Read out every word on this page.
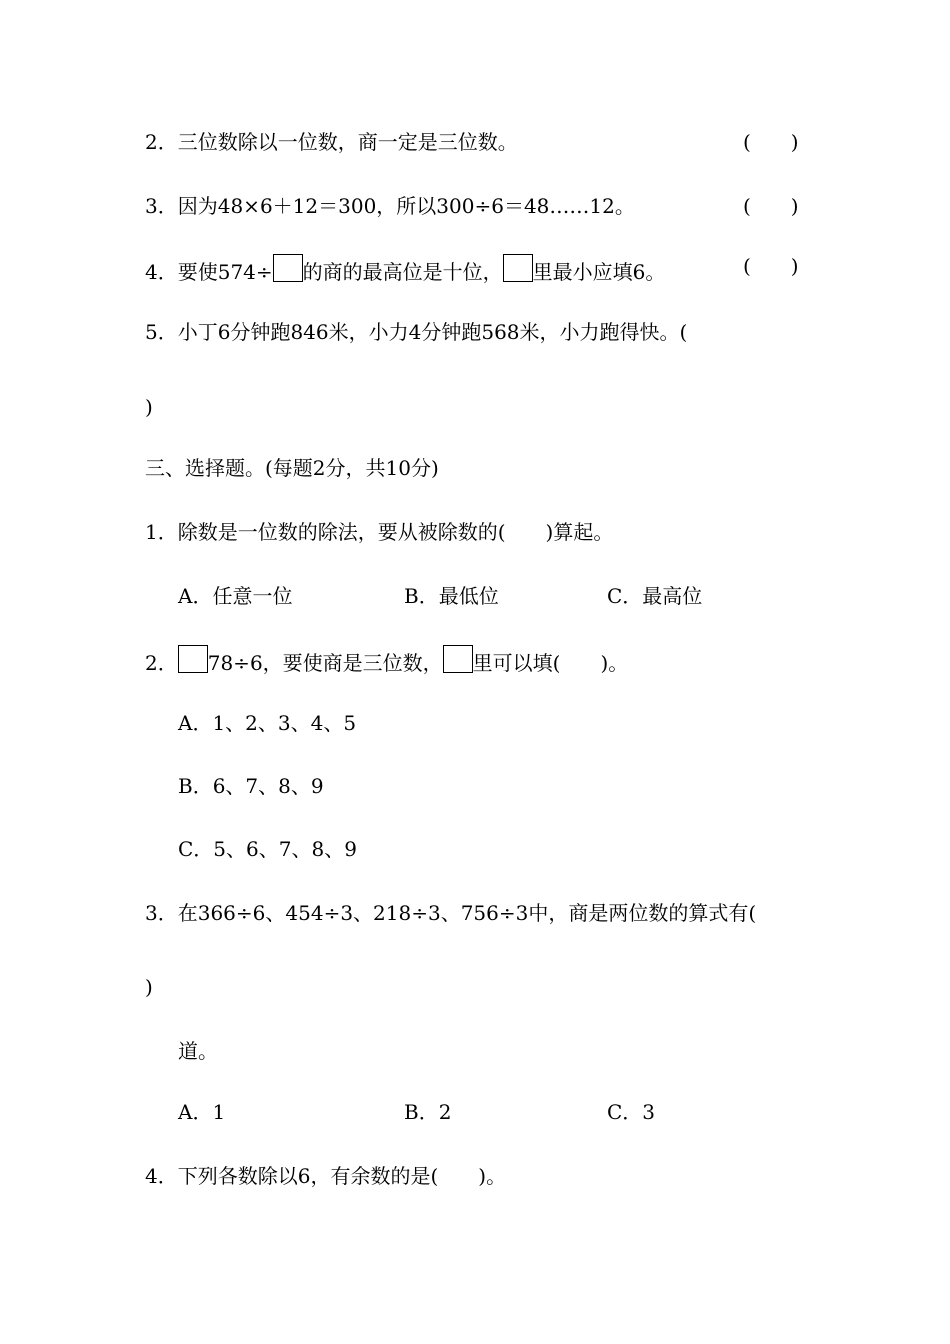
2．三位数除以一位数，商一定是三位数。	(　　)
3．因为48×6＋12＝300，所以300÷6＝48……12。	(　　)
4．要使574÷ 的商的最高位是十位， 里最小应填6。	(　　)
5．小丁6分钟跑846米，小力4分钟跑568米，小力跑得快。(
)
三、选择题。(每题2分，共10分)
1．除数是一位数的除法，要从被除数的(　　)算起。
A．任意一位	B．最低位	C．最高位
2． 78÷6，要使商是三位数， 里可以填(　　)。
A．1、2、3、4、5
B．6、7、8、9
C．5、6、7、8、9
3．在366÷6、454÷3、218÷3、756÷3中，商是两位数的算式有(
)
道。
A．1	B．2	C．3
4．下列各数除以6，有余数的是(　　)。
